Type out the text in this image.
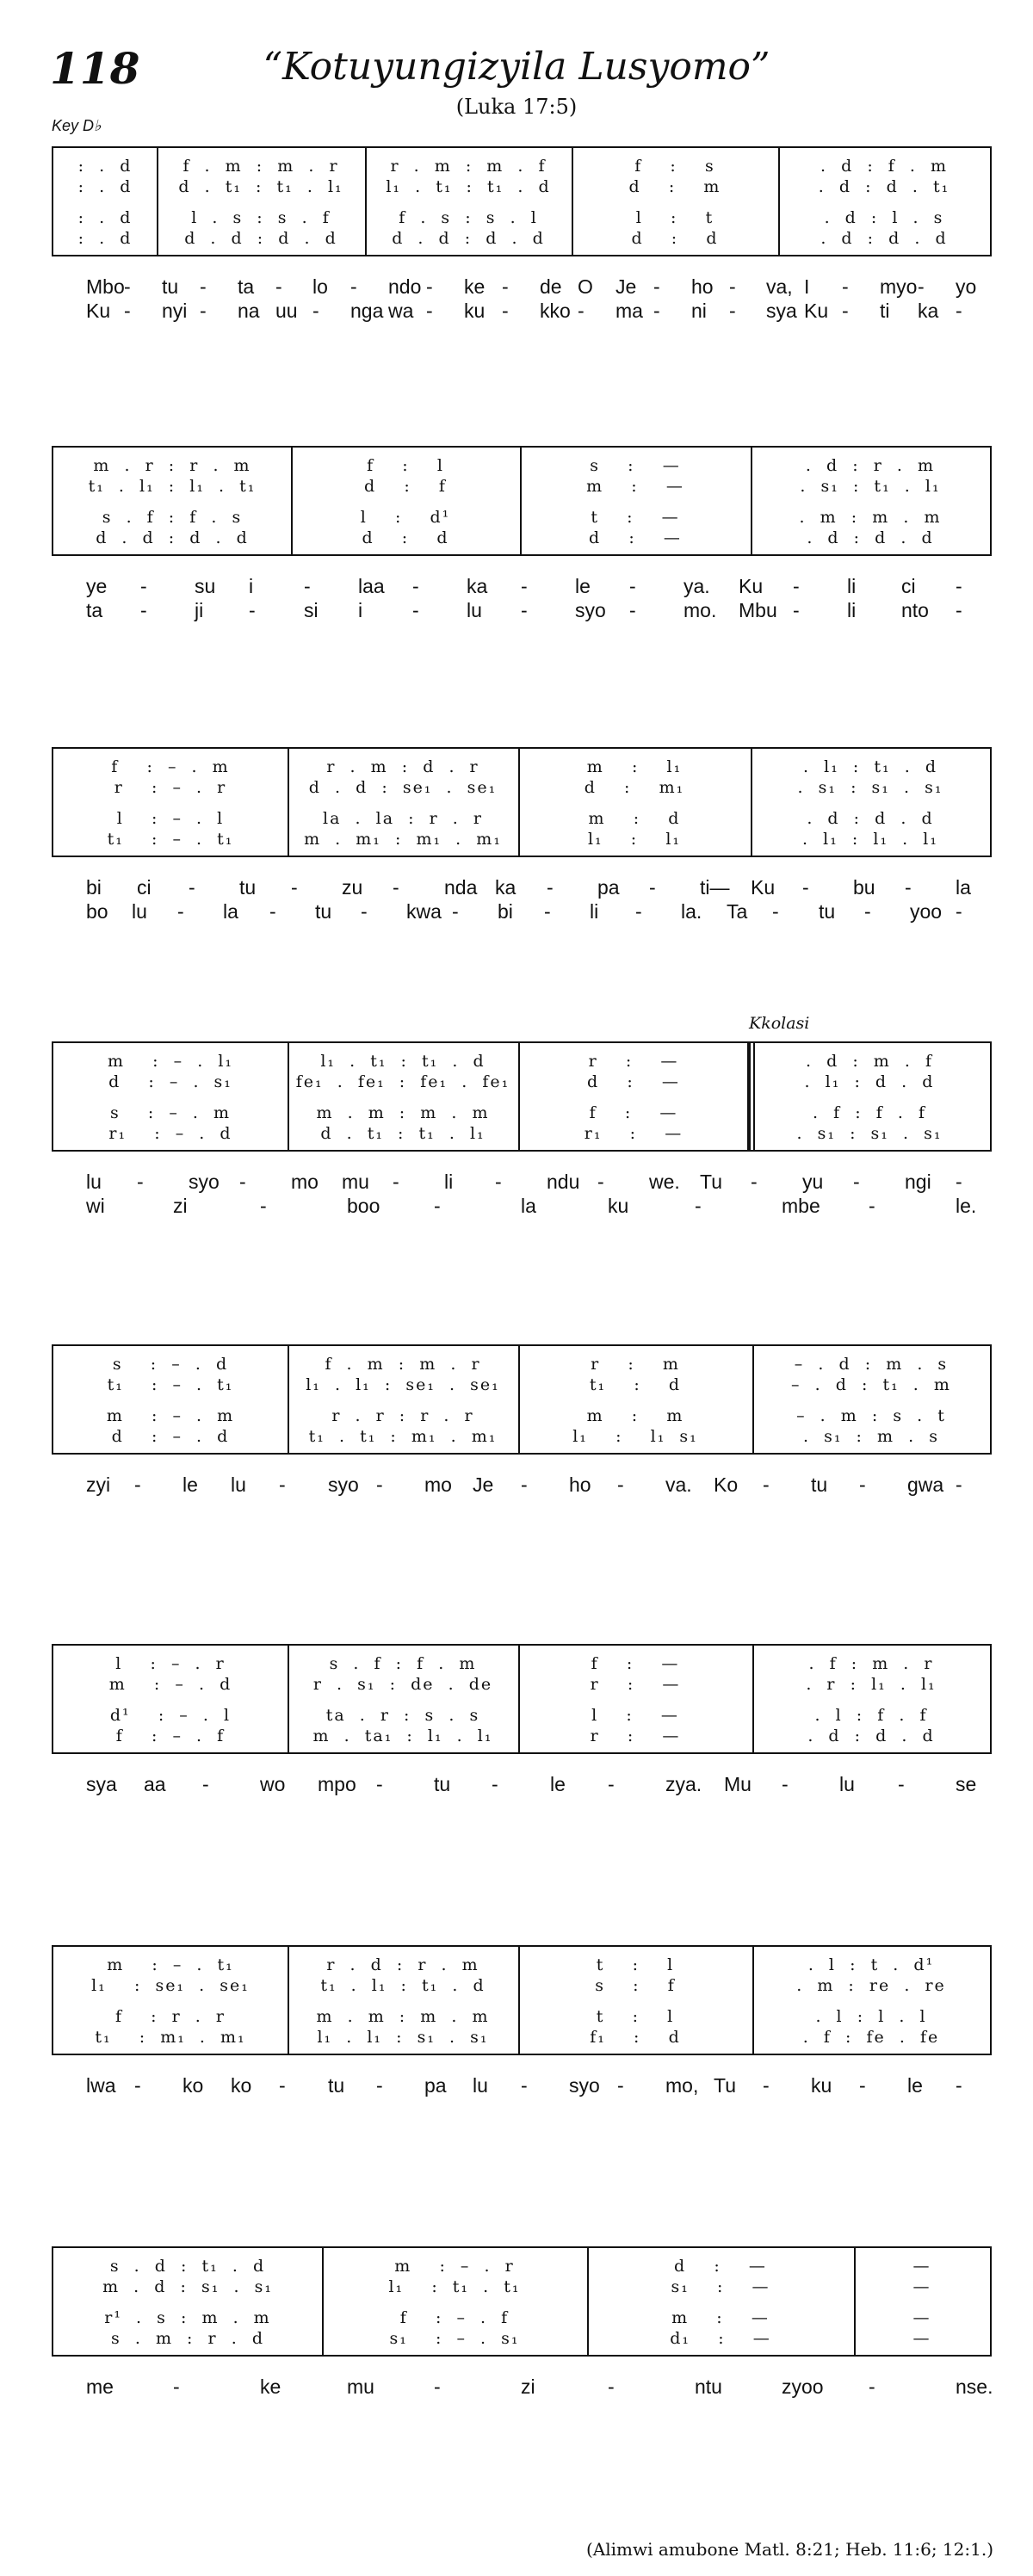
118	“Kotuyungizyila Lusyomo”
(Luka 17:5)
Key D♭
Kkolasi
:  .  d	f  .  m  :  m  .  r	r  .  m  :  m  .  f	f    :    s	.  d  :  f  .  m
:  .  d	d  .  t₁  :  t₁  .  l₁	l₁  .  t₁  :  t₁  .  d	d    :    m	.  d  :  d  .  t₁
:  .  d	l  .  s  :  s  .  f	f  .  s  :  s  .  l	l    :    t	.  d  :  l  .  s
:  .  d	d  .  d  :  d  .  d	d  .  d  :  d  .  d	d    :    d	.  d  :  d  .  d
Mbo - tu - ta - lo - ndo - ke - de O Je - ho - va, I - myo - yo
Ku - nyi - na uu - nga wa - ku - kko - ma - ni - sya Ku - ti ka -
m  .  r  :  r  .  m	f    :    l	s    :    —	.  d  :  r  .  m
t₁  .  l₁  :  l₁  .  t₁	d    :    f	m    :    —	.  s₁  :  t₁  .  l₁
s  .  f  :  f  .  s	l    :    d¹	t    :    —	.  m  :  m  .  m
d  .  d  :  d  .  d	d    :    d	d    :    —	.  d  :  d  .  d
ye - su i	- laa - ka - le - ya. Ku - li ci -
ta - ji - si i	- lu - syo - mo. Mbu - li nto -
f    :  –  .  m	r  .  m  :  d  .  r	m    :    l₁	.  l₁  :  t₁  .  d
r    :  –  .  r	d  .  d  :  se₁  .  se₁	d    :    m₁	.  s₁  :  s₁  .  s₁
l    :  –  .  l	la  .  la  :  r  .  r	m    :    d	.  d  :  d  .  d
t₁    :  –  .  t₁	m  .  m₁  :  m₁  .  m₁	l₁    :    l₁	.  l₁  :  l₁  .  l₁
bi ci - tu - zu - nda ka - pa - ti— Ku - bu - la
bo lu - la - tu - kwa - bi - li - la. Ta - tu - yoo -
m    :  –  .  l₁	l₁  .  t₁  :  t₁  .  d	r    :    —	.  d  :  m  .  f
d    :  –  .  s₁	fe₁  .  fe₁  :  fe₁  .  fe₁	d    :    —	.  l₁  :  d  .  d
s    :  –  .  m	m  .  m  :  m  .  m	f    :    —	.  f  :  f  .  f
r₁    :  –  .  d	d  .  t₁  :  t₁  .  l₁	r₁    :    —	.  s₁  :  s₁  .  s₁
lu - syo - mo mu - li - ndu - we. Tu - yu - ngi -
wi	zi	-	boo	-	la	ku	-	mbe -	le.
s    :  –  .  d	f  .  m  :  m  .  r	r    :    m	–  .  d  :  m  .  s
t₁    :  –  .  t₁	l₁  .  l₁  :  se₁  .  se₁	t₁    :    d	–  .  d  :  t₁  .  m
m    :  –  .  m	r  .  r  :  r  .  r	m    :    m	–  .  m  :  s  .  t
d    :  –  .  d	t₁  .  t₁  :  m₁  .  m₁	l₁    :    l₁  s₁	.  s₁  :  m  .  s
zyi - le lu - syo - mo Je - ho - va. Ko - tu - gwa -
l    :  –  .  r	s  .  f  :  f  .  m	f    :    —	.  f  :  m  .  r
m    :  –  .  d	r  .  s₁  :  de  .  de	r    :    —	.  r  :  l₁  .  l₁
d¹    :  –  .  l	ta  .  r  :  s  .  s	l    :    —	.  l  :  f  .  f
f    :  –  .  f	m  .  ta₁  :  l₁  .  l₁	r    :    —	.  d  :  d  .  d
sya aa -	wo mpo -	tu -	le -	zya. Mu -	lu -	se
m    :  –  .  t₁	r  .  d  :  r  .  m	t    :    l	.  l  :  t  .  d¹
l₁    :  se₁  .  se₁	t₁  .  l₁  :  t₁  .  d	s    :    f	.  m  :  re  .  re
f    :  r  .  r	m  .  m  :  m  .  m	t    :    l	.  l  :  l  .  l
t₁    :  m₁  .  m₁	l₁  .  l₁  :  s₁  .  s₁	f₁    :    d	.  f  :  fe  .  fe
lwa - ko ko - tu - pa lu - syo - mo, Tu - ku - le -
s  .  d  :  t₁  .  d	m    :  –  .  r	d    :    —	—
m  .  d  :  s₁  .  s₁	l₁    :  t₁  .  t₁	s₁    :    —	—
r¹  .  s  :  m  .  m	f    :  –  .  f	m    :    —	—
s  .  m  :  r  .  d	s₁    :  –  .  s₁	d₁    :    —	—
me	-	ke	mu	-	zi	-	ntu	zyoo -	nse.
(Alimwi amubone Matl. 8:21; Heb. 11:6; 12:1.)
